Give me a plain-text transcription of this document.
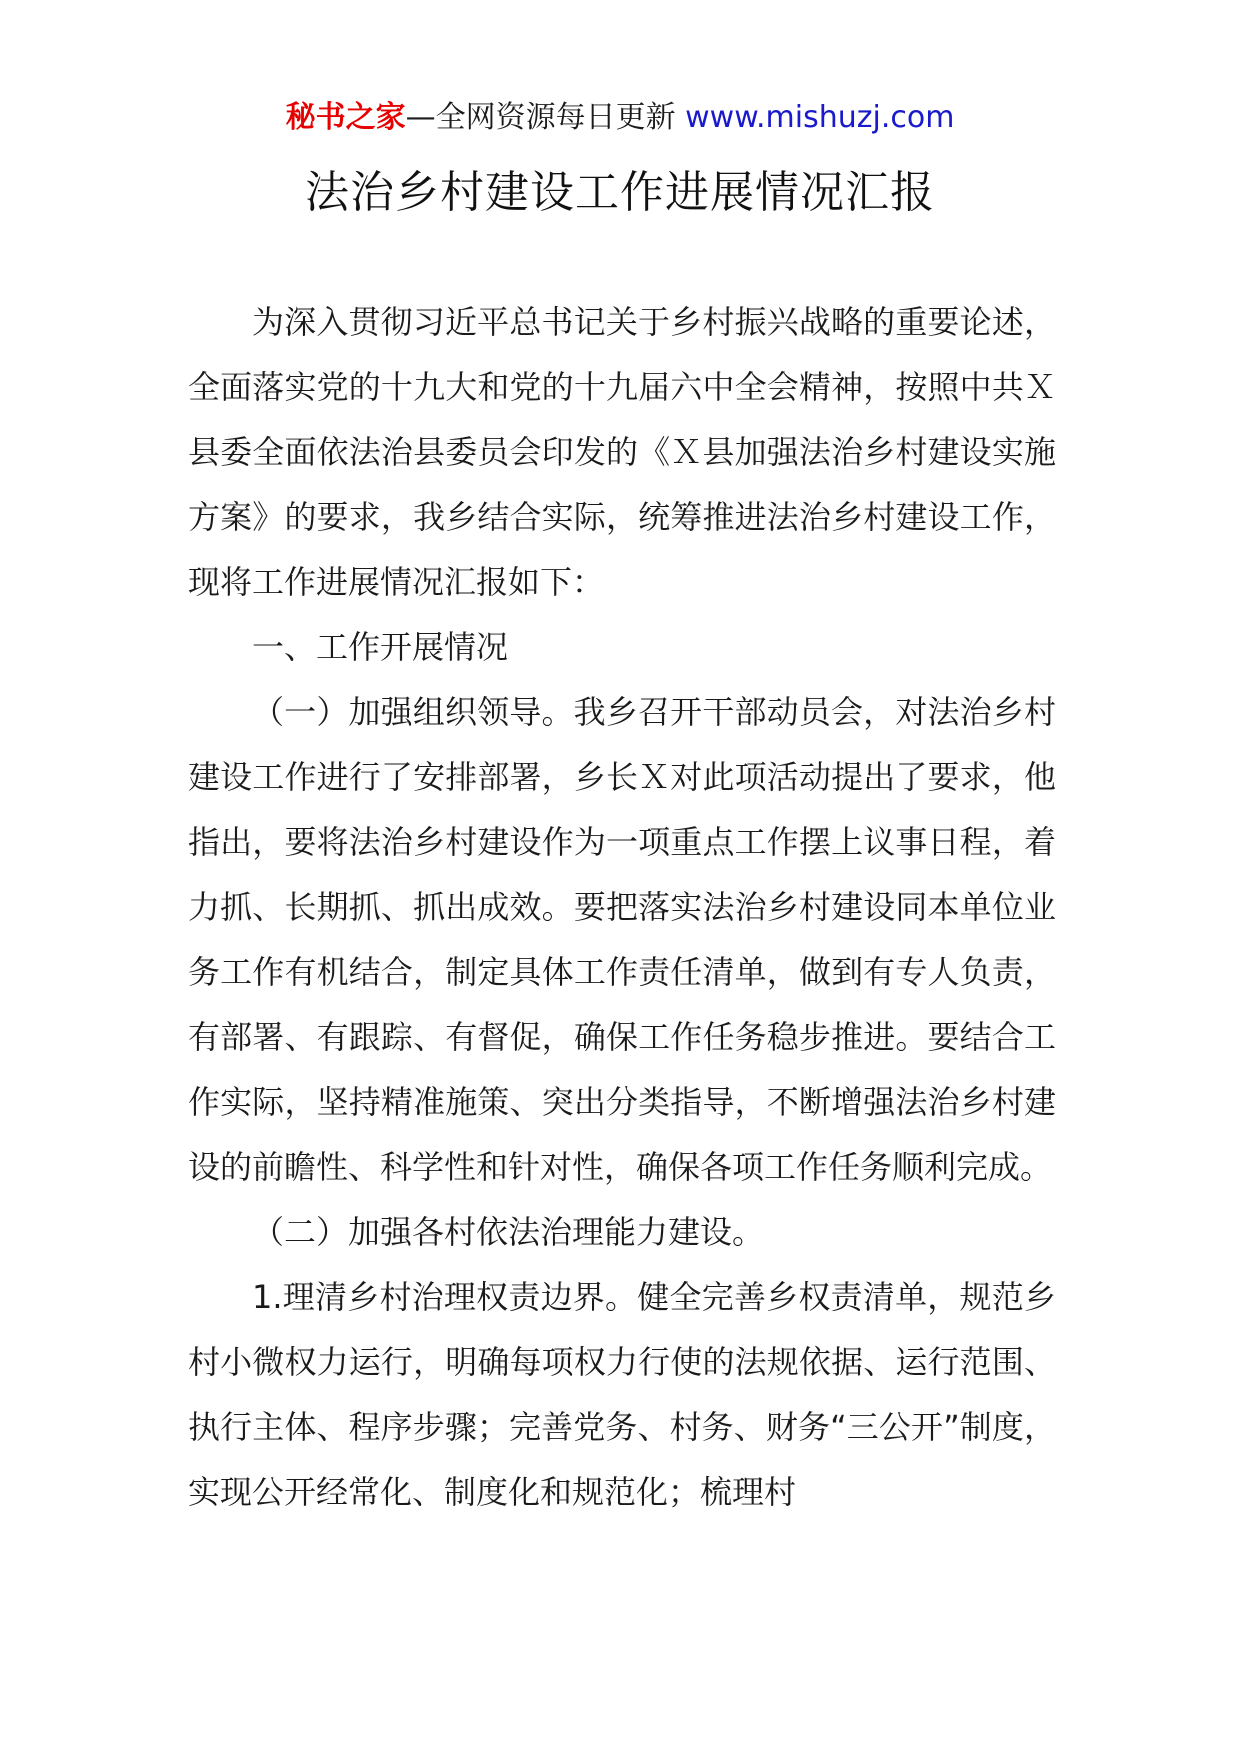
秘书之家—全网资源每日更新 www.mishuzj.com
法治乡村建设工作进展情况汇报

为深入贯彻习近平总书记关于乡村振兴战略的重要论述，全面落实党的十九大和党的十九届六中全会精神，按照中共Ｘ县委全面依法治县委员会印发的《Ｘ县加强法治乡村建设实施方案》的要求，我乡结合实际，统筹推进法治乡村建设工作，现将工作进展情况汇报如下：

一、工作开展情况

（一）加强组织领导。我乡召开干部动员会，对法治乡村建设工作进行了安排部署，乡长Ｘ对此项活动提出了要求，他指出，要将法治乡村建设作为一项重点工作摆上议事日程，着力抓、长期抓、抓出成效。要把落实法治乡村建设同本单位业务工作有机结合，制定具体工作责任清单，做到有专人负责，有部署、有跟踪、有督促，确保工作任务稳步推进。要结合工作实际，坚持精准施策、突出分类指导，不断增强法治乡村建设的前瞻性、科学性和针对性，确保各项工作任务顺利完成。

（二）加强各村依法治理能力建设。

1.理清乡村治理权责边界。健全完善乡权责清单，规范乡村小微权力运行，明确每项权力行使的法规依据、运行范围、执行主体、程序步骤；完善党务、村务、财务“三公开”制度，实现公开经常化、制度化和规范化；梳理村
